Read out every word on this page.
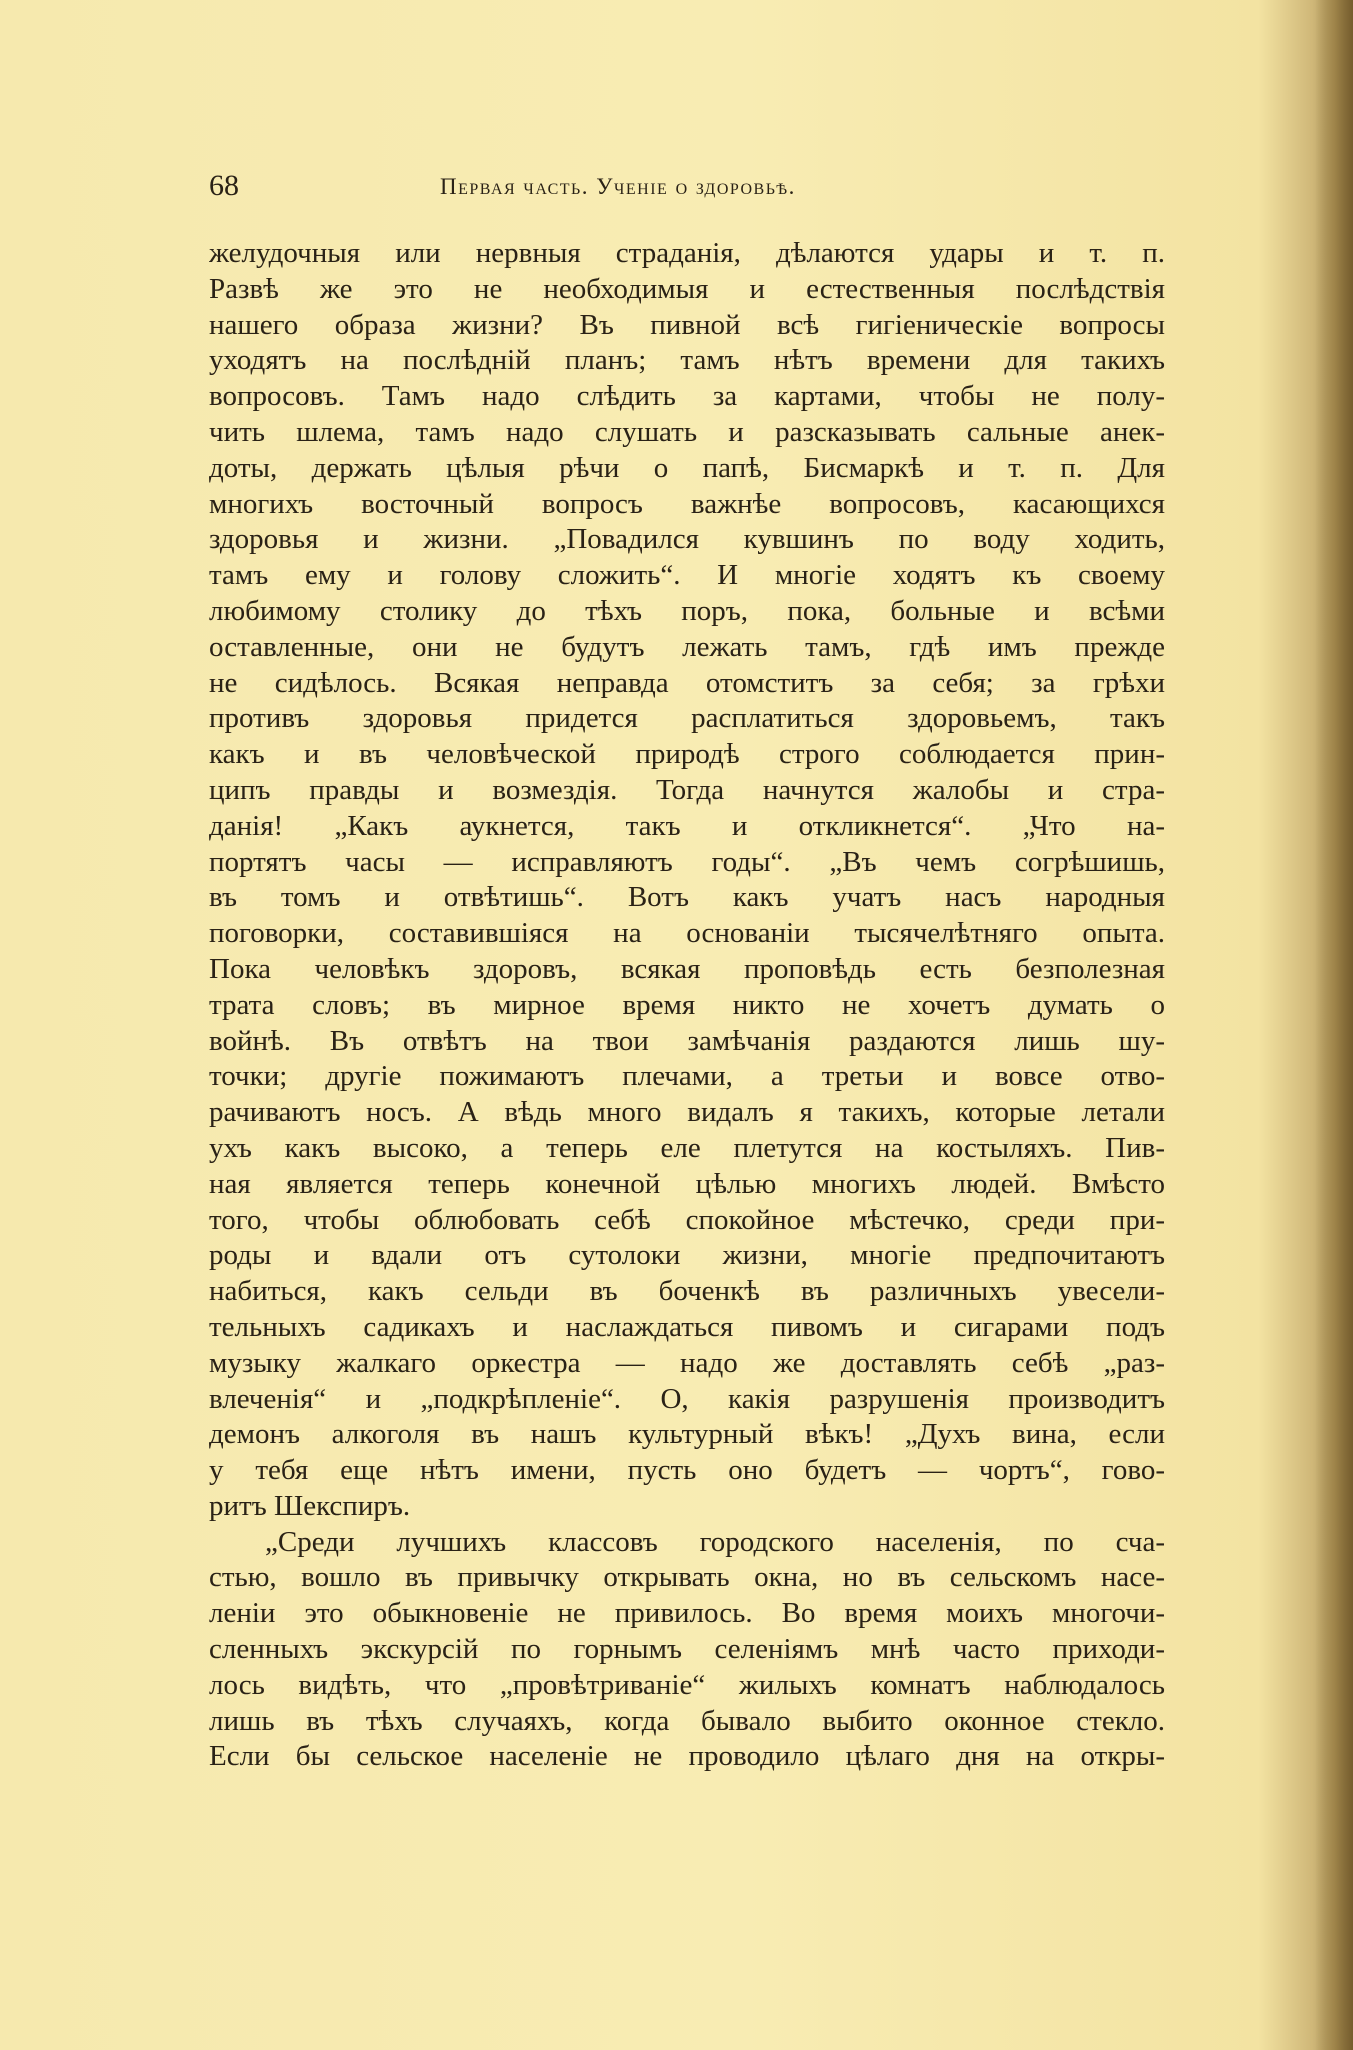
68	Первая часть. Ученіе о здоровьѣ.
желудочныя или нервныя страданія, дѣлаются удары и т. п.
Развѣ же это не необходимыя и естественныя послѣдствія
нашего образа жизни? Въ пивной всѣ гигіеническіе вопросы
уходятъ на послѣдній планъ; тамъ нѣтъ времени для такихъ
вопросовъ. Тамъ надо слѣдить за картами, чтобы не полу-
чить шлема, тамъ надо слушать и разсказывать сальные анек-
доты, держать цѣлыя рѣчи о папѣ, Бисмаркѣ и т. п. Для
многихъ восточный вопросъ важнѣе вопросовъ, касающихся
здоровья и жизни. „Повадился кувшинъ по воду ходить,
тамъ ему и голову сложить“. И многіе ходятъ къ своему
любимому столику до тѣхъ поръ, пока, больные и всѣми
оставленные, они не будутъ лежать тамъ, гдѣ имъ прежде
не сидѣлось. Всякая неправда отомститъ за себя; за грѣхи
противъ здоровья придется расплатиться здоровьемъ, такъ
какъ и въ человѣческой природѣ строго соблюдается прин-
ципъ правды и возмездія. Тогда начнутся жалобы и стра-
данія! „Какъ аукнется, такъ и откликнется“. „Что на-
портятъ часы — исправляютъ годы“. „Въ чемъ согрѣшишь,
въ томъ и отвѣтишь“. Вотъ какъ учатъ насъ народныя
поговорки, составившіяся на основаніи тысячелѣтняго опыта.
Пока человѣкъ здоровъ, всякая проповѣдь есть безполезная
трата словъ; въ мирное время никто не хочетъ думать о
войнѣ. Въ отвѣтъ на твои замѣчанія раздаются лишь шу-
точки; другіе пожимаютъ плечами, а третьи и вовсе отво-
рачиваютъ носъ. А вѣдь много видалъ я такихъ, которые летали
ухъ какъ высоко, а теперь еле плетутся на костыляхъ. Пив-
ная является теперь конечной цѣлью многихъ людей. Вмѣсто
того, чтобы облюбовать себѣ спокойное мѣстечко, среди при-
роды и вдали отъ сутолоки жизни, многіе предпочитаютъ
набиться, какъ сельди въ боченкѣ въ различныхъ увесели-
тельныхъ садикахъ и наслаждаться пивомъ и сигарами подъ
музыку жалкаго оркестра — надо же доставлять себѣ „раз-
влеченія“ и „подкрѣпленіе“. О, какія разрушенія производитъ
демонъ алкоголя въ нашъ культурный вѣкъ! „Духъ вина, если
у тебя еще нѣтъ имени, пусть оно будетъ — чортъ“, гово-
ритъ Шекспиръ.
„Среди лучшихъ классовъ городского населенія, по сча-
стью, вошло въ привычку открывать окна, но въ сельскомъ насе-
леніи это обыкновеніе не привилось. Во время моихъ многочи-
сленныхъ экскурсій по горнымъ селеніямъ мнѣ часто приходи-
лось видѣть, что „провѣтриваніе“ жилыхъ комнатъ наблюдалось
лишь въ тѣхъ случаяхъ, когда бывало выбито оконное стекло.
Если бы сельское населеніе не проводило цѣлаго дня на откры-
